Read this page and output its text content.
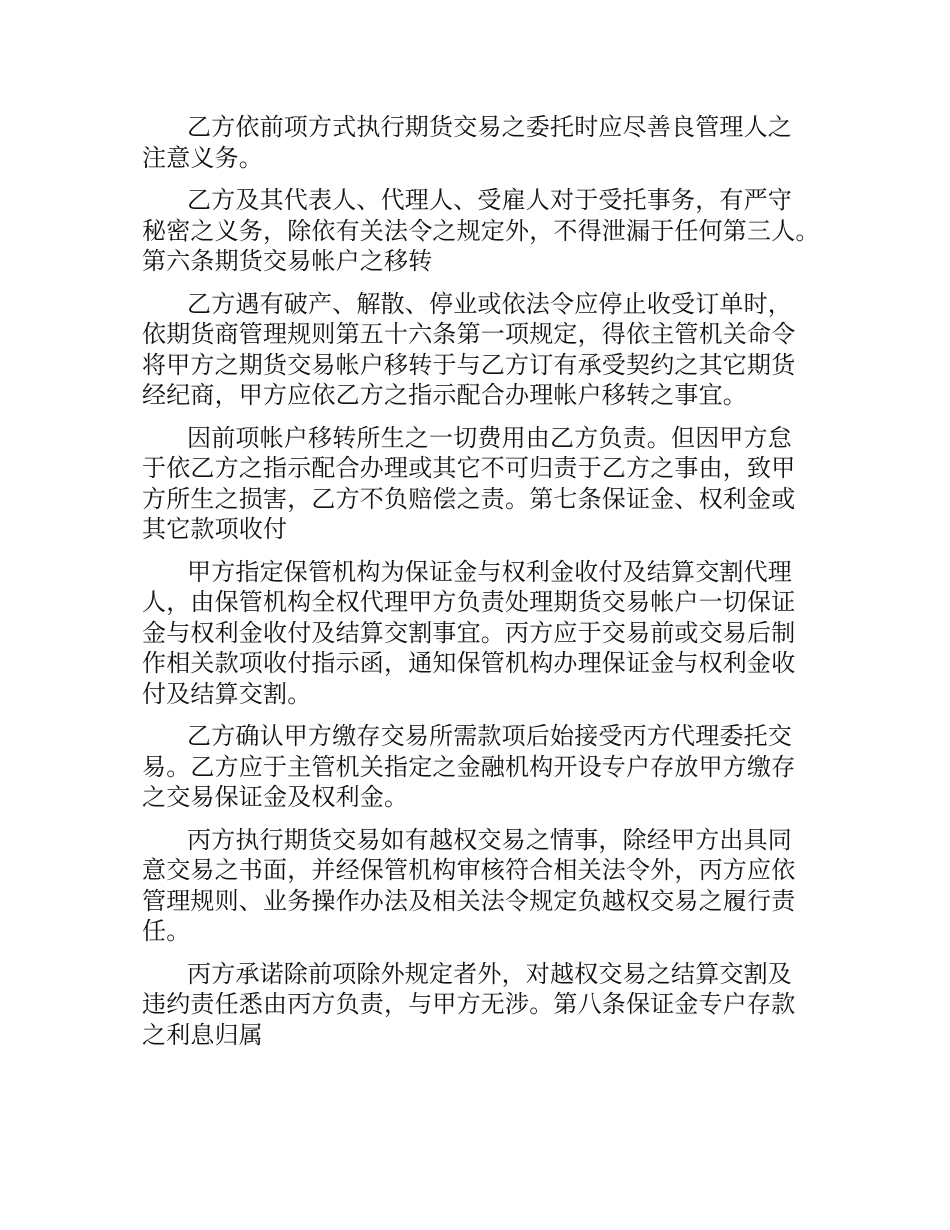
乙方依前项方式执行期货交易之委托时应尽善良管理人之
注意义务。

乙方及其代表人、代理人、受雇人对于受托事务，有严守
秘密之义务，除依有关法令之规定外，不得泄漏于任何第三人。
第六条期货交易帐户之移转

乙方遇有破产、解散、停业或依法令应停止收受订单时，
依期货商管理规则第五十六条第一项规定，得依主管机关命令
将甲方之期货交易帐户移转于与乙方订有承受契约之其它期货
经纪商，甲方应依乙方之指示配合办理帐户移转之事宜。

因前项帐户移转所生之一切费用由乙方负责。但因甲方怠
于依乙方之指示配合办理或其它不可归责于乙方之事由，致甲
方所生之损害，乙方不负赔偿之责。第七条保证金、权利金或
其它款项收付

甲方指定保管机构为保证金与权利金收付及结算交割代理
人，由保管机构全权代理甲方负责处理期货交易帐户一切保证
金与权利金收付及结算交割事宜。丙方应于交易前或交易后制
作相关款项收付指示函，通知保管机构办理保证金与权利金收
付及结算交割。

乙方确认甲方缴存交易所需款项后始接受丙方代理委托交
易。乙方应于主管机关指定之金融机构开设专户存放甲方缴存
之交易保证金及权利金。

丙方执行期货交易如有越权交易之情事，除经甲方出具同
意交易之书面，并经保管机构审核符合相关法令外，丙方应依
管理规则、业务操作办法及相关法令规定负越权交易之履行责
任。

丙方承诺除前项除外规定者外，对越权交易之结算交割及
违约责任悉由丙方负责，与甲方无涉。第八条保证金专户存款
之利息归属
